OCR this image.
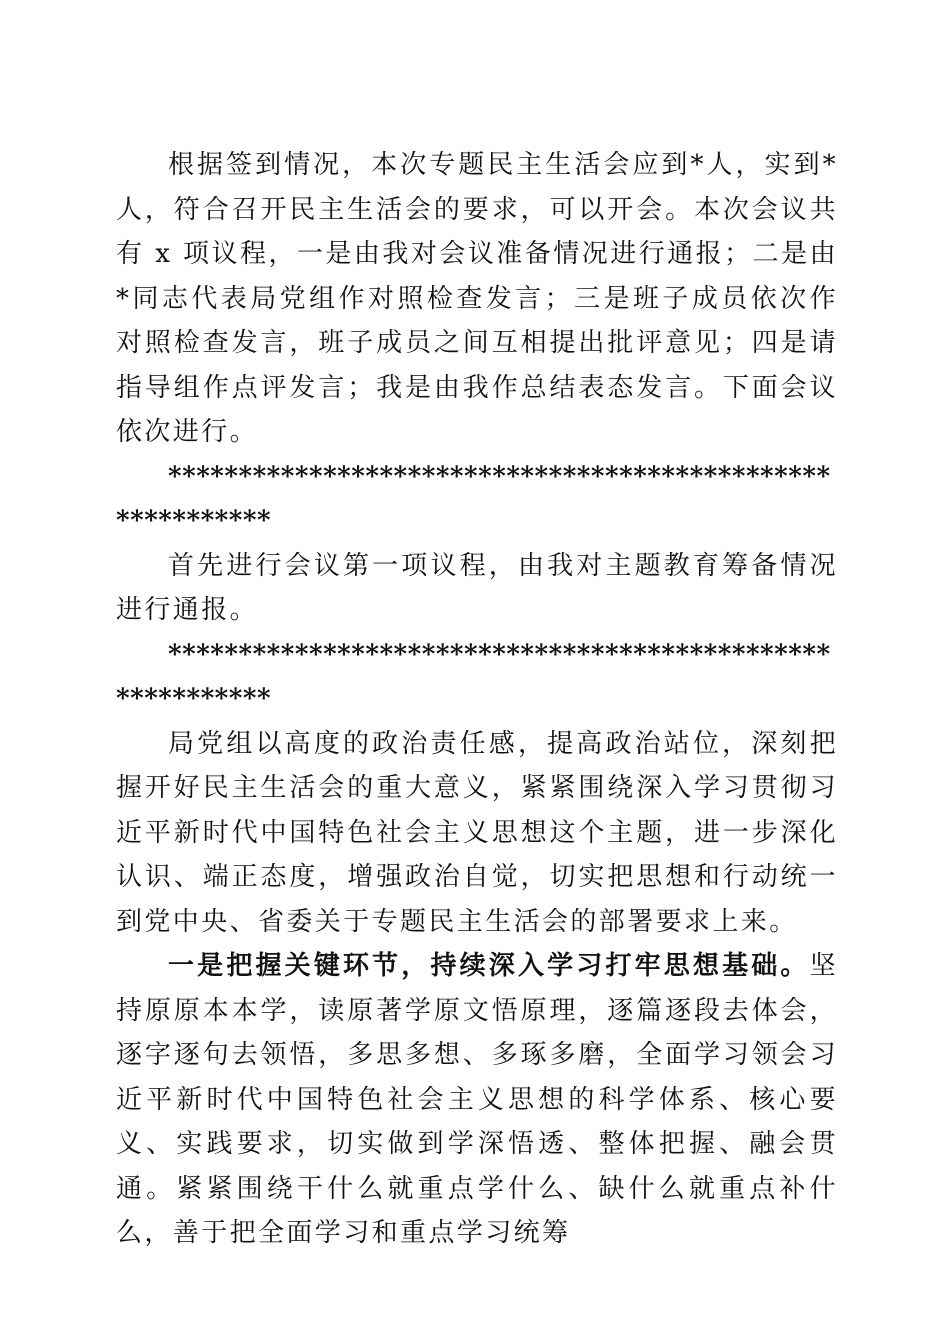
根据签到情况，本次专题民主生活会应到*人，实到*人，符合召开民主生活会的要求，可以开会。本次会议共有 x 项议程，一是由我对会议准备情况进行通报；二是由*同志代表局党组作对照检查发言；三是班子成员依次作对照检查发言，班子成员之间互相提出批评意见；四是请指导组作点评发言；我是由我作总结表态发言。下面会议依次进行。

**********************************************************

首先进行会议第一项议程，由我对主题教育筹备情况进行通报。

**********************************************************

局党组以高度的政治责任感，提高政治站位，深刻把握开好民主生活会的重大意义，紧紧围绕深入学习贯彻习近平新时代中国特色社会主义思想这个主题，进一步深化认识、端正态度，增强政治自觉，切实把思想和行动统一到党中央、省委关于专题民主生活会的部署要求上来。

一是把握关键环节，持续深入学习打牢思想基础。坚持原原本本学，读原著学原文悟原理，逐篇逐段去体会，逐字逐句去领悟，多思多想、多琢多磨，全面学习领会习近平新时代中国特色社会主义思想的科学体系、核心要义、实践要求，切实做到学深悟透、整体把握、融会贯通。紧紧围绕干什么就重点学什么、缺什么就重点补什么，善于把全面学习和重点学习统筹
